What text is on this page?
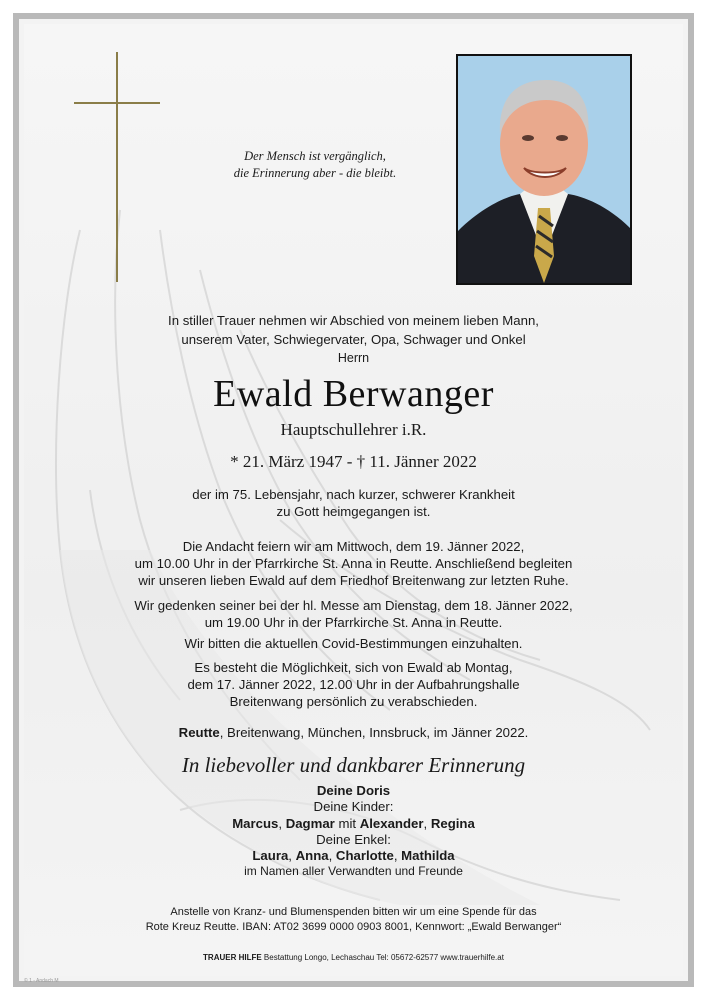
Der Mensch ist vergänglich,
die Erinnerung aber - die bleibt.
In stiller Trauer nehmen wir Abschied von meinem lieben Mann,
unserem Vater, Schwiegervater, Opa, Schwager und Onkel
Herrn
Ewald Berwanger
Hauptschullehrer i.R.
* 21. März 1947 - † 11. Jänner 2022
der im 75. Lebensjahr, nach kurzer, schwerer Krankheit
zu Gott heimgegangen ist.
Die Andacht feiern wir am Mittwoch, dem 19. Jänner 2022,
um 10.00 Uhr in der Pfarrkirche St. Anna in Reutte. Anschließend begleiten
wir unseren lieben Ewald auf dem Friedhof Breitenwang zur letzten Ruhe.
Wir gedenken seiner bei der hl. Messe am Dienstag, dem 18. Jänner 2022,
um 19.00 Uhr in der Pfarrkirche St. Anna in Reutte.
Wir bitten die aktuellen Covid-Bestimmungen einzuhalten.
Es besteht die Möglichkeit, sich von Ewald ab Montag,
dem 17. Jänner 2022, 12.00 Uhr in der Aufbahrungshalle
Breitenwang persönlich zu verabschieden.
Reutte, Breitenwang, München, Innsbruck, im Jänner 2022.
In liebevoller und dankbarer Erinnerung
Deine Doris
Deine Kinder:
Marcus, Dagmar mit Alexander, Regina
Deine Enkel:
Laura, Anna, Charlotte, Mathilda
im Namen aller Verwandten und Freunde
Anstelle von Kranz- und Blumenspenden bitten wir um eine Spende für das
Rote Kreuz Reutte. IBAN: AT02 3699 0000 0903 8001, Kennwort: „Ewald Berwanger“
TRAUER HILFE Bestattung Longo, Lechaschau Tel: 05672-62577 www.trauerhilfe.at
© 1 - Andach M
